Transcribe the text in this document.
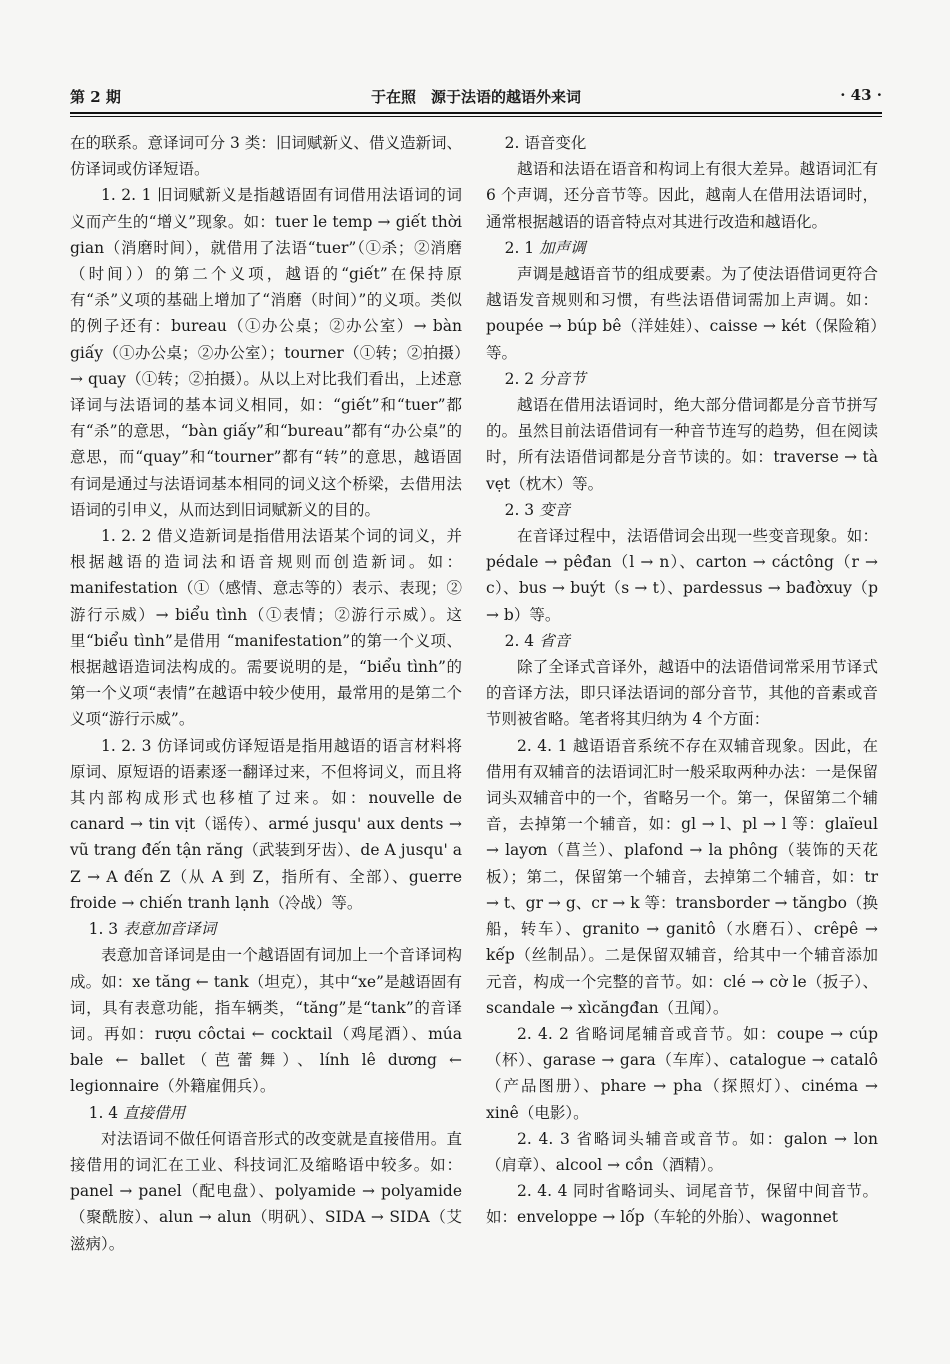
第 2 期	于在照　源于法语的越语外来词	· 43 ·

在的联系。意译词可分 3 类：旧词赋新义、借义造新词、仿译词或仿译短语。

1. 2. 1 旧词赋新义是指越语固有词借用法语词的词义而产生的“增义”现象。如：tuer le temp → giết thời gian（消磨时间），就借用了法语“tuer”（①杀；②消磨（时间））的第二个义项，越语的“giết”在保持原有“杀”义项的基础上增加了“消磨（时间）”的义项。类似的例子还有：bureau（①办公桌；②办公室）→ bàn giấy（①办公桌；②办公室）；tourner（①转；②拍摄）→ quay（①转；②拍摄）。从以上对比我们看出，上述意译词与法语词的基本词义相同，如：“giết”和“tuer”都有“杀”的意思，“bàn giấy”和“bureau”都有“办公桌”的意思，而“quay”和“tourner”都有“转”的意思，越语固有词是通过与法语词基本相同的词义这个桥梁，去借用法语词的引申义，从而达到旧词赋新义的目的。

1. 2. 2 借义造新词是指借用法语某个词的词义，并根据越语的造词法和语音规则而创造新词。如：manifestation（①（感情、意志等的）表示、表现；②游行示威）→ biểu tình（①表情；②游行示威）。这里“biểu tình”是借用 “manifestation”的第一个义项、根据越语造词法构成的。需要说明的是，“biểu tình”的第一个义项“表情”在越语中较少使用，最常用的是第二个义项“游行示威”。

1. 2. 3 仿译词或仿译短语是指用越语的语言材料将原词、原短语的语素逐一翻译过来，不但将词义，而且将其内部构成形式也移植了过来。如：nouvelle de canard → tin vịt（谣传）、armé jusqu' aux dents → vũ trang đến tận răng（武装到牙齿）、de A jusqu' a Z → A đến Z（从 A 到 Z，指所有、全部）、guerre froide → chiến tranh lạnh（冷战）等。

1. 3 表意加音译词

表意加音译词是由一个越语固有词加上一个音译词构成。如：xe tăng ← tank（坦克），其中“xe”是越语固有词，具有表意功能，指车辆类，“tăng”是“tank”的音译词。再如：rượu côctai ← cocktail（鸡尾酒）、múa bale ← ballet（芭蕾舞）、lính lê dương ← legionnaire（外籍雇佣兵）。

1. 4 直接借用

对法语词不做任何语音形式的改变就是直接借用。直接借用的词汇在工业、科技词汇及缩略语中较多。如：panel → panel（配电盘）、polyamide → polyamide（聚酰胺）、alun → alun（明矾）、SIDA → SIDA（艾滋病）。

2. 语音变化

越语和法语在语音和构词上有很大差异。越语词汇有 6 个声调，还分音节等。因此，越南人在借用法语词时，通常根据越语的语音特点对其进行改造和越语化。

2. 1 加声调

声调是越语音节的组成要素。为了使法语借词更符合越语发音规则和习惯，有些法语借词需加上声调。如：poupée → búp bê（洋娃娃）、caisse → két（保险箱）等。

2. 2 分音节

越语在借用法语词时，绝大部分借词都是分音节拼写的。虽然目前法语借词有一种音节连写的趋势，但在阅读时，所有法语借词都是分音节读的。如：traverse → tà vẹt（枕木）等。

2. 3 变音

在音译过程中，法语借词会出现一些变音现象。如：pédale → pêđan（l → n）、carton → cáctông（r → c）、bus → buýt（s → t）、pardessus → bađờxuy（p → b）等。

2. 4 省音

除了全译式音译外，越语中的法语借词常采用节译式的音译方法，即只译法语词的部分音节，其他的音素或音节则被省略。笔者将其归纳为 4 个方面：

2. 4. 1 越语语音系统不存在双辅音现象。因此，在借用有双辅音的法语词汇时一般采取两种办法：一是保留词头双辅音中的一个，省略另一个。第一，保留第二个辅音，去掉第一个辅音，如：gl → l、pl → l 等：glaïeul → layơn（菖兰）、plafond → la phông（装饰的天花板）；第二，保留第一个辅音，去掉第二个辅音，如：tr → t、gr → g、cr → k 等：transborder → tăngbo（换船，转车）、granito → ganitô（水磨石）、crêpê → kếp（丝制品）。二是保留双辅音，给其中一个辅音添加元音，构成一个完整的音节。如：clé → cờ le（扳子）、scandale → xìcăngđan（丑闻）。

2. 4. 2 省略词尾辅音或音节。如：coupe → cúp（杯）、garase → gara（车库）、catalogue → catalô（产品图册）、phare → pha（探照灯）、cinéma → xinê（电影）。

2. 4. 3 省略词头辅音或音节。如：galon → lon（肩章）、alcool → cồn（酒精）。

2. 4. 4 同时省略词头、词尾音节，保留中间音节。如：enveloppe → lốp（车轮的外胎）、wagonnet
